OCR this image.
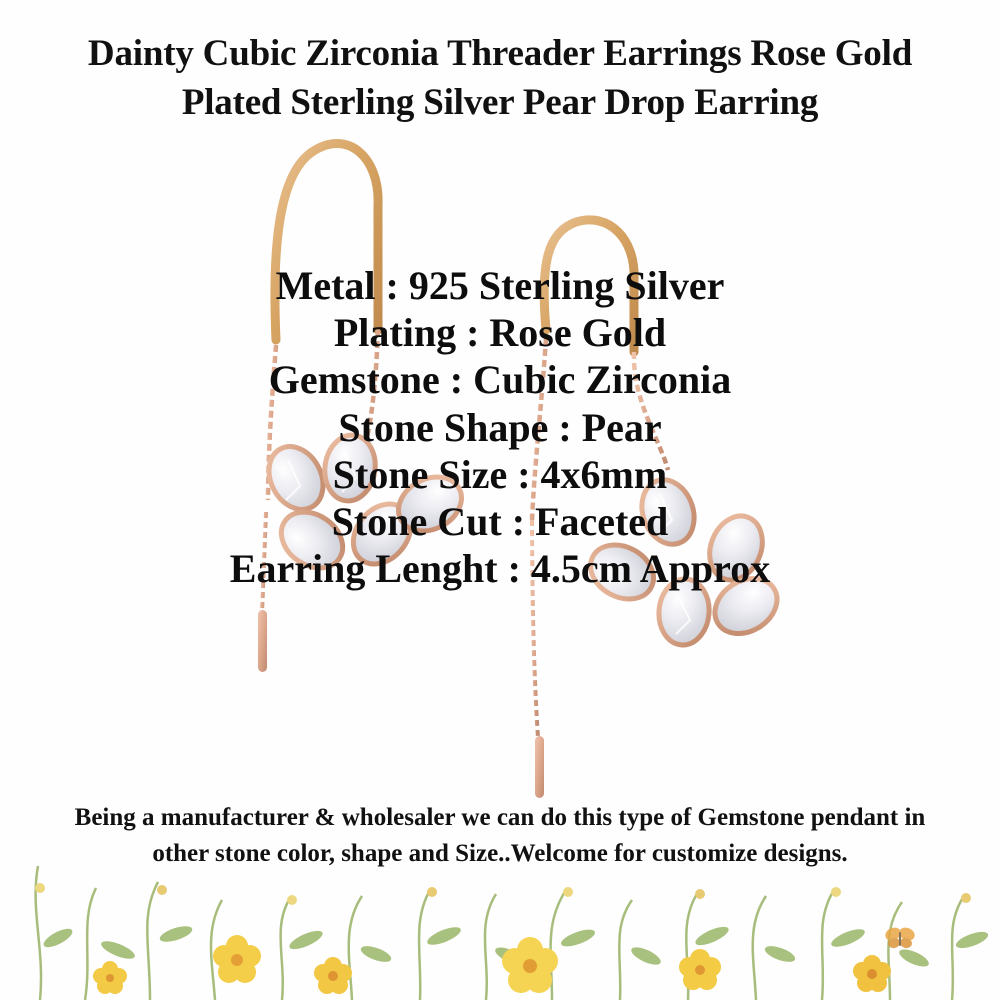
Dainty Cubic Zirconia Threader Earrings Rose Gold Plated Sterling Silver Pear Drop Earring
Metal : 925 Sterling Silver
Plating : Rose Gold
Gemstone : Cubic Zirconia
Stone Shape : Pear
Stone Size : 4x6mm
Stone Cut : Faceted
Earring Lenght : 4.5cm Approx
Being a manufacturer & wholesaler we can do this type of Gemstone pendant in other stone color, shape and Size..Welcome for customize designs.
